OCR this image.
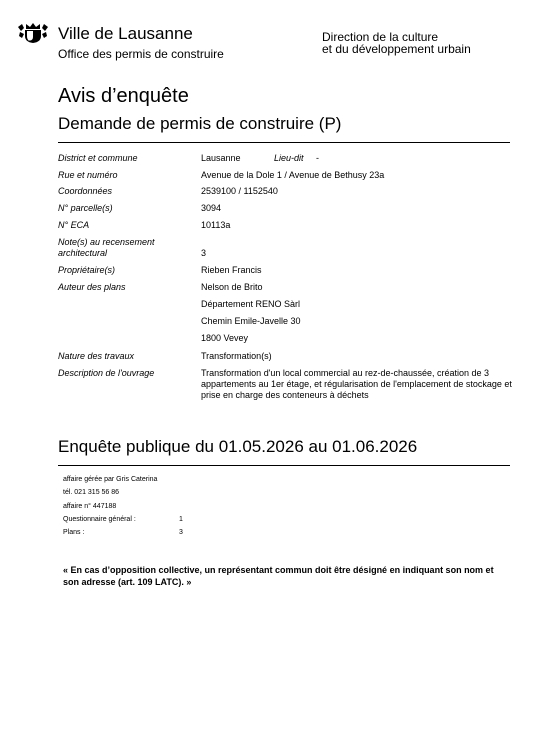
Ville de Lausanne
Office des permis de construire
Direction de la culture
et du développement urbain
Avis d’enquête
Demande de permis de construire (P)
District et commune	Lausanne	Lieu-dit -
Rue et numéro	Avenue de la Dole 1 / Avenue de Bethusy 23a
Coordonnées	2539100 / 1152540
N° parcelle(s)	3094
N° ECA	10113a
Note(s) au recensement
architectural	3
Propriétaire(s)	Rieben Francis
Auteur des plans	Nelson de Brito
Département RENO Sàrl
Chemin Emile-Javelle 30
1800 Vevey
Nature des travaux	Transformation(s)
Description de l'ouvrage	Transformation d'un local commercial au rez-de-chaussée, création de 3 appartements au 1er étage, et régularisation de l'emplacement de stockage et prise en charge des conteneurs à déchets
Enquête publique du 01.05.2026 au 01.06.2026
affaire gérée par Gris Caterina
tél. 021 315 56 86
affaire n° 447188
Questionnaire général :	1
Plans :	3
« En cas d’opposition collective, un représentant commun doit être désigné en indiquant son nom et son adresse (art. 109 LATC). »
